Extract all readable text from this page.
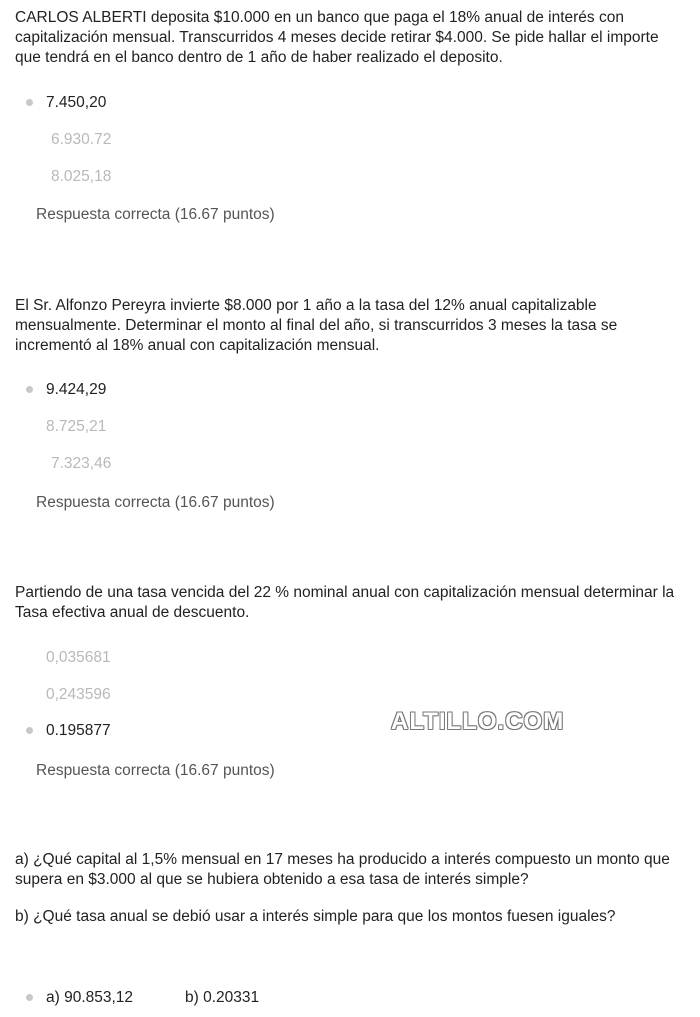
CARLOS ALBERTI deposita $10.000 en un banco que paga el 18% anual de interés con capitalización mensual. Transcurridos 4 meses decide retirar $4.000. Se pide hallar el importe que tendrá en el banco dentro de 1 año de haber realizado el deposito.
7.450,20
6.930.72
8.025,18
Respuesta correcta (16.67 puntos)
El Sr. Alfonzo Pereyra invierte $8.000 por 1 año a la tasa del 12% anual capitalizable mensualmente. Determinar el monto al final del año, si transcurridos 3 meses la tasa se incrementó al 18% anual con capitalización mensual.
9.424,29
8.725,21
7.323,46
Respuesta correcta (16.67 puntos)
Partiendo de una tasa vencida del 22 % nominal anual con capitalización mensual determinar la Tasa efectiva anual de descuento.
0,035681
0,243596
0.195877
Respuesta correcta (16.67 puntos)
ALTILLO.COM
a) ¿Qué capital al 1,5% mensual en 17 meses ha producido a interés compuesto un monto que supera en $3.000 al que se hubiera obtenido a esa tasa de interés simple?
b) ¿Qué tasa anual se debió usar a interés simple para que los montos fuesen iguales?
a) 90.853,12	b) 0.20331
